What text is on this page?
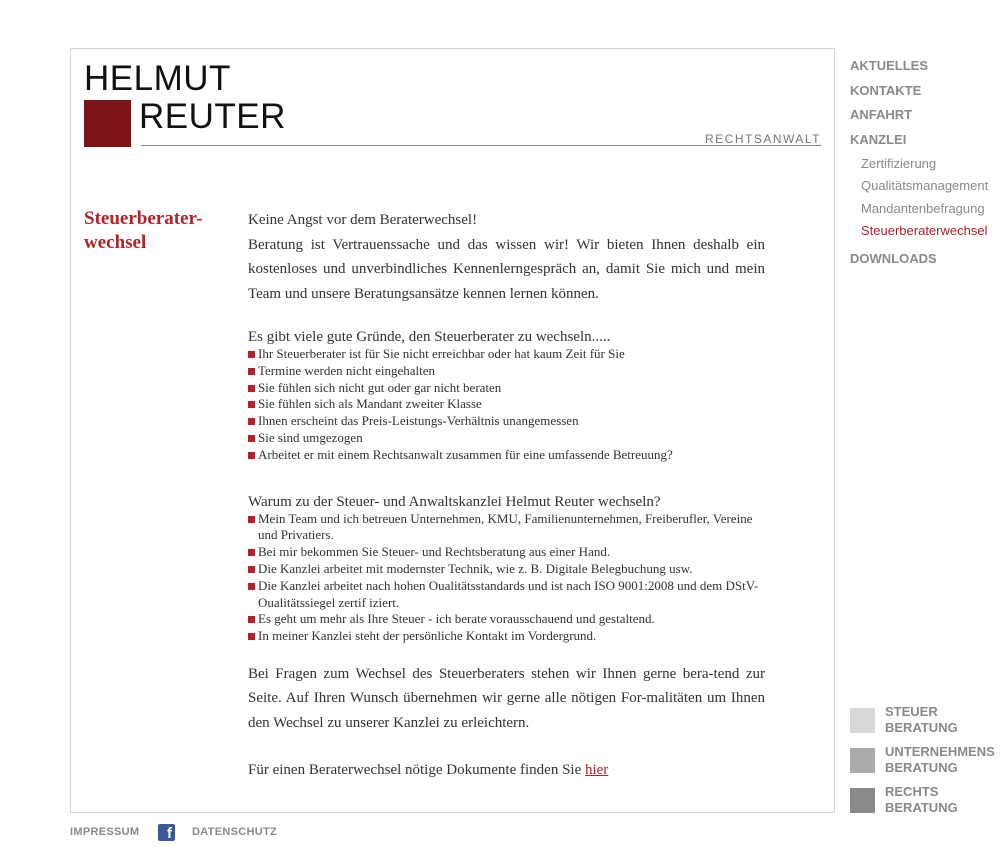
HELMUT
REUTER
RECHTSANWALT
Steuerberater-wechsel

Keine Angst vor dem Beraterwechsel!

Beratung ist Vertrauenssache und das wissen wir! Wir bieten Ihnen deshalb ein kostenloses und unverbindliches Kennenlerngespräch an, damit Sie mich und mein Team und unsere Beratungsansätze kennen lernen können.

Es gibt viele gute Gründe, den Steuerberater zu wechseln.....

Ihr Steuerberater ist für Sie nicht erreichbar oder hat kaum Zeit für Sie
Termine werden nicht eingehalten
Sie fühlen sich nicht gut oder gar nicht beraten
Sie fühlen sich als Mandant zweiter Klasse
Ihnen erscheint das Preis-Leistungs-Verhältnis unangemessen
Sie sind umgezogen
Arbeitet er mit einem Rechtsanwalt zusammen für eine umfassende Betreuung?

Warum zu der Steuer- und Anwaltskanzlei Helmut Reuter wechseln?

Mein Team und ich betreuen Unternehmen, KMU, Familienunternehmen, Freiberufler, Vereine und Privatiers.
Bei mir bekommen Sie Steuer- und Rechtsberatung aus einer Hand.
Die Kanzlei arbeitet mit modernster Technik, wie z. B. Digitale Belegbuchung usw.
Die Kanzlei arbeitet nach hohen Oualitätsstandards und ist nach ISO 9001:2008 und dem DStV-Oualitätssiegel zertif iziert.
Es geht um mehr als Ihre Steuer - ich berate vorausschauend und gestaltend.
In meiner Kanzlei steht der persönliche Kontakt im Vordergrund.

Bei Fragen zum Wechsel des Steuerberaters stehen wir Ihnen gerne bera-tend zur Seite. Auf Ihren Wunsch übernehmen wir gerne alle nötigen For-malitäten um Ihnen den Wechsel zu unserer Kanzlei zu erleichtern.

Für einen Beraterwechsel nötige Dokumente finden Sie hier

AKTUELLES
KONTAKTE
ANFAHRT
KANZLEI
Zertifizierung
Qualitätsmanagement
Mandantenbefragung
Steuerberaterwechsel
DOWNLOADS
STEUER
BERATUNG
UNTERNEHMENS
BERATUNG
RECHTS
BERATUNG
IMPRESSUM f DATENSCHUTZ
